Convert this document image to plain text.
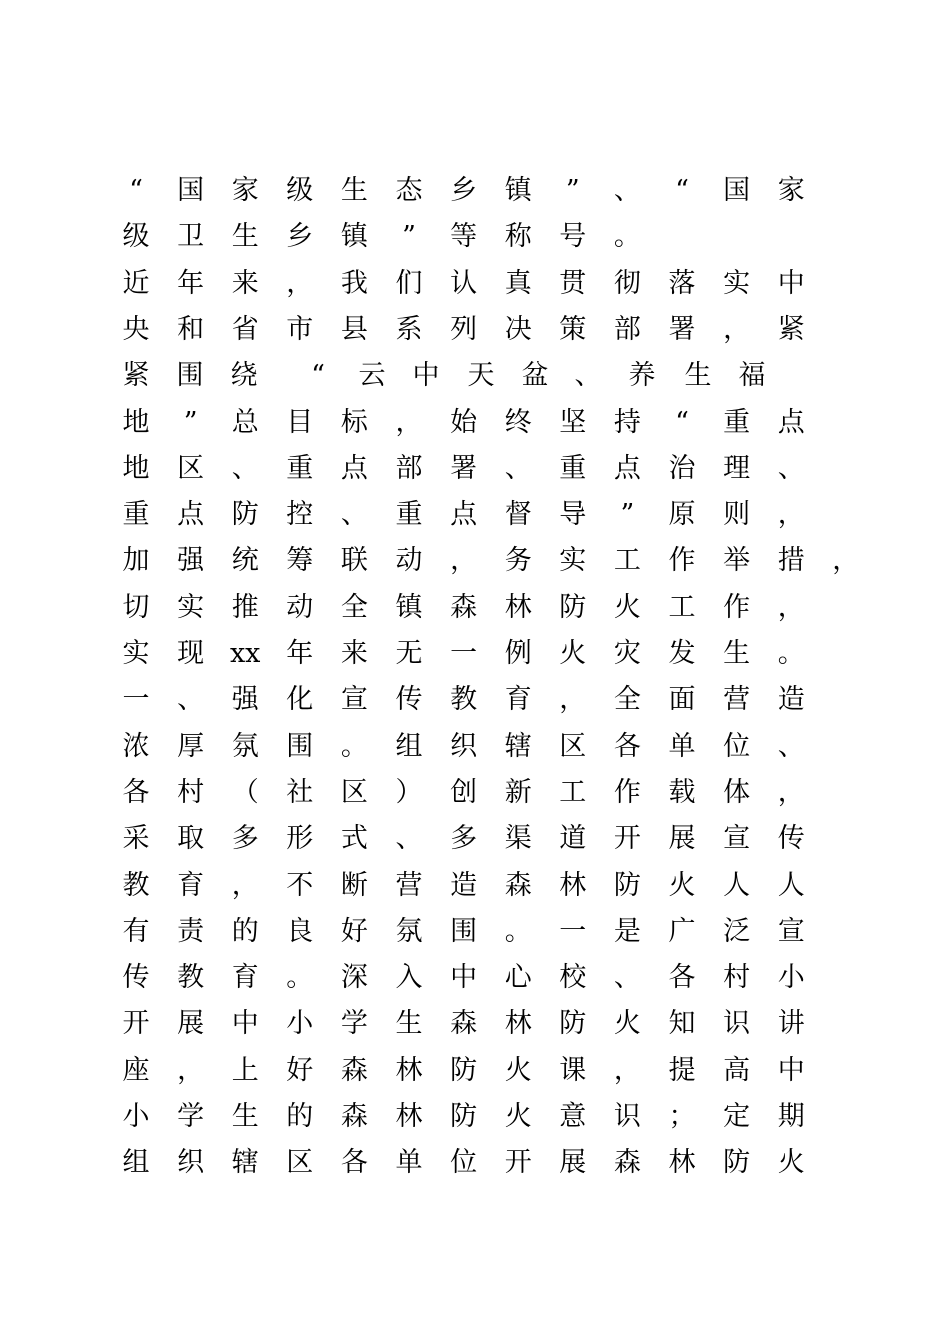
“	国	家	级	生	态	乡	镇	”	、	“	国	家
级	卫	生	乡	镇	”	等	称	号	。
近	年	来	，	我	们	认	真	贯	彻	落	实	中
央	和	省	市	县	系	列	决	策	部	署	，	紧
紧	围	绕	“	云	中	天	盆 、	养	生	福
地	”	总	目	标	，	始	终	坚	持	“	重	点
地	区	、	重	点	部	署	、	重	点	治	理	、
重	点	防	控	、	重	点	督	导	”	原	则	，
加	强	统	筹	联	动	，	务	实	工	作	举	措	，
切	实	推	动	全	镇	森	林	防	火	工	作	，
实	现 xx 年	来	无	一	例	火	灾	发	生	。
一	、	强	化	宣	传	教	育	，	全	面	营	造
浓	厚	氛	围	。	组	织	辖	区	各	单	位	、
各	村	（	社	区	）	创	新	工	作	载	体	，
采	取	多	形	式	、	多	渠	道	开	展	宣	传
教	育	，	不	断	营	造	森	林	防	火	人	人
有	责	的	良	好	氛	围	。	一	是	广	泛	宣
传	教	育	。	深	入	中	心	校	、	各	村	小
开	展	中	小	学	生	森	林	防	火	知	识	讲
座	，	上	好	森	林	防	火	课	，	提	高	中
小	学	生	的	森	林	防	火	意	识	；	定	期
组	织	辖	区	各	单	位	开	展	森	林	防	火
